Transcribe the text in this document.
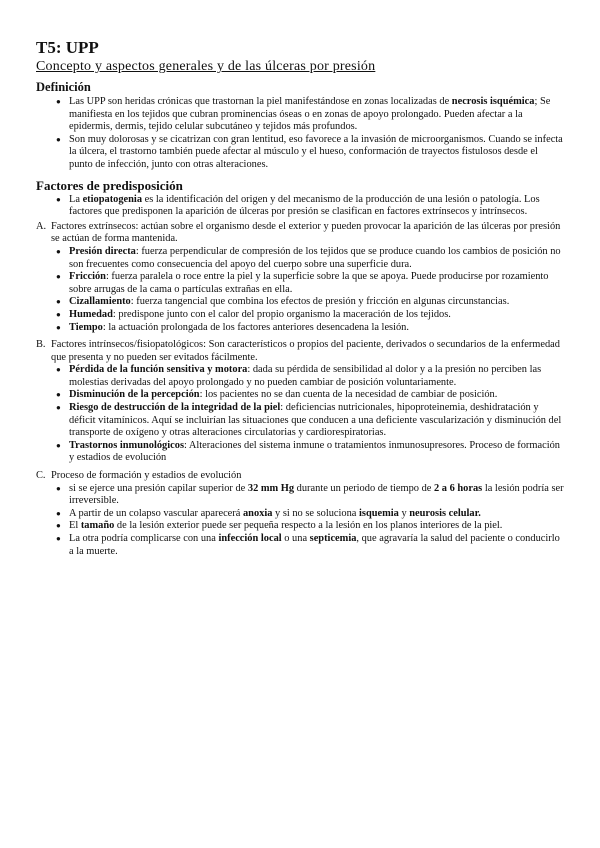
T5: UPP
Concepto y aspectos generales y de las úlceras por presión
Definición
● Las UPP son heridas crónicas que trastornan la piel manifestándose en zonas localizadas de necrosis isquémica; Se manifiesta en los tejidos que cubran prominencias óseas o en zonas de apoyo prolongado. Pueden afectar a la epidermis, dermis, tejido celular subcutáneo y tejidos más profundos.
● Son muy dolorosas y se cicatrizan con gran lentitud, eso favorece a la invasión de microorganismos. Cuando se infecta la úlcera, el trastorno también puede afectar al músculo y el hueso, conformación de trayectos fistulosos desde el punto de infección, junto con otras alteraciones.
Factores de predisposición
● La etiopatogenia es la identificación del origen y del mecanismo de la producción de una lesión o patología. Los factores que predisponen la aparición de úlceras por presión se clasifican en factores extrínsecos y intrínsecos.
A. Factores extrínsecos: actúan sobre el organismo desde el exterior y pueden provocar la aparición de las úlceras por presión se actúan de forma mantenida.
● Presión directa: fuerza perpendicular de compresión de los tejidos que se produce cuando los cambios de posición no son frecuentes como consecuencia del apoyo del cuerpo sobre una superficie dura.
● Fricción: fuerza paralela o roce entre la piel y la superficie sobre la que se apoya. Puede producirse por rozamiento sobre arrugas de la cama o partículas extrañas en ella.
● Cizallamiento: fuerza tangencial que combina los efectos de presión y fricción en algunas circunstancias.
● Humedad: predispone junto con el calor del propio organismo la maceración de los tejidos.
● Tiempo: la actuación prolongada de los factores anteriores desencadena la lesión.
B. Factores intrínsecos/fisiopatológicos: Son característicos o propios del paciente, derivados o secundarios de la enfermedad que presenta y no pueden ser evitados fácilmente.
● Pérdida de la función sensitiva y motora: dada su pérdida de sensibilidad al dolor y a la presión no perciben las molestias derivadas del apoyo prolongado y no pueden cambiar de posición voluntariamente.
● Disminución de la percepción: los pacientes no se dan cuenta de la necesidad de cambiar de posición.
● Riesgo de destrucción de la integridad de la piel: deficiencias nutricionales, hipoproteinemia, deshidratación y déficit vitamínicos. Aquí se incluirían las situaciones que conducen a una deficiente vascularización y disminución del transporte de oxígeno y otras alteraciones circulatorias y cardiorespiratorias.
● Trastornos inmunológicos: Alteraciones del sistema inmune o tratamientos inmunosupresores. Proceso de formación y estadios de evolución
C. Proceso de formación y estadios de evolución
● si se ejerce una presión capilar superior de 32 mm Hg durante un periodo de tiempo de 2 a 6 horas la lesión podría ser irreversible.
● A partir de un colapso vascular aparecerá anoxia y si no se soluciona isquemia y neurosis celular.
● El tamaño de la lesión exterior puede ser pequeña respecto a la lesión en los planos interiores de la piel.
● La otra podría complicarse con una infección local o una septicemia, que agravaría la salud del paciente o conducirlo a la muerte.
